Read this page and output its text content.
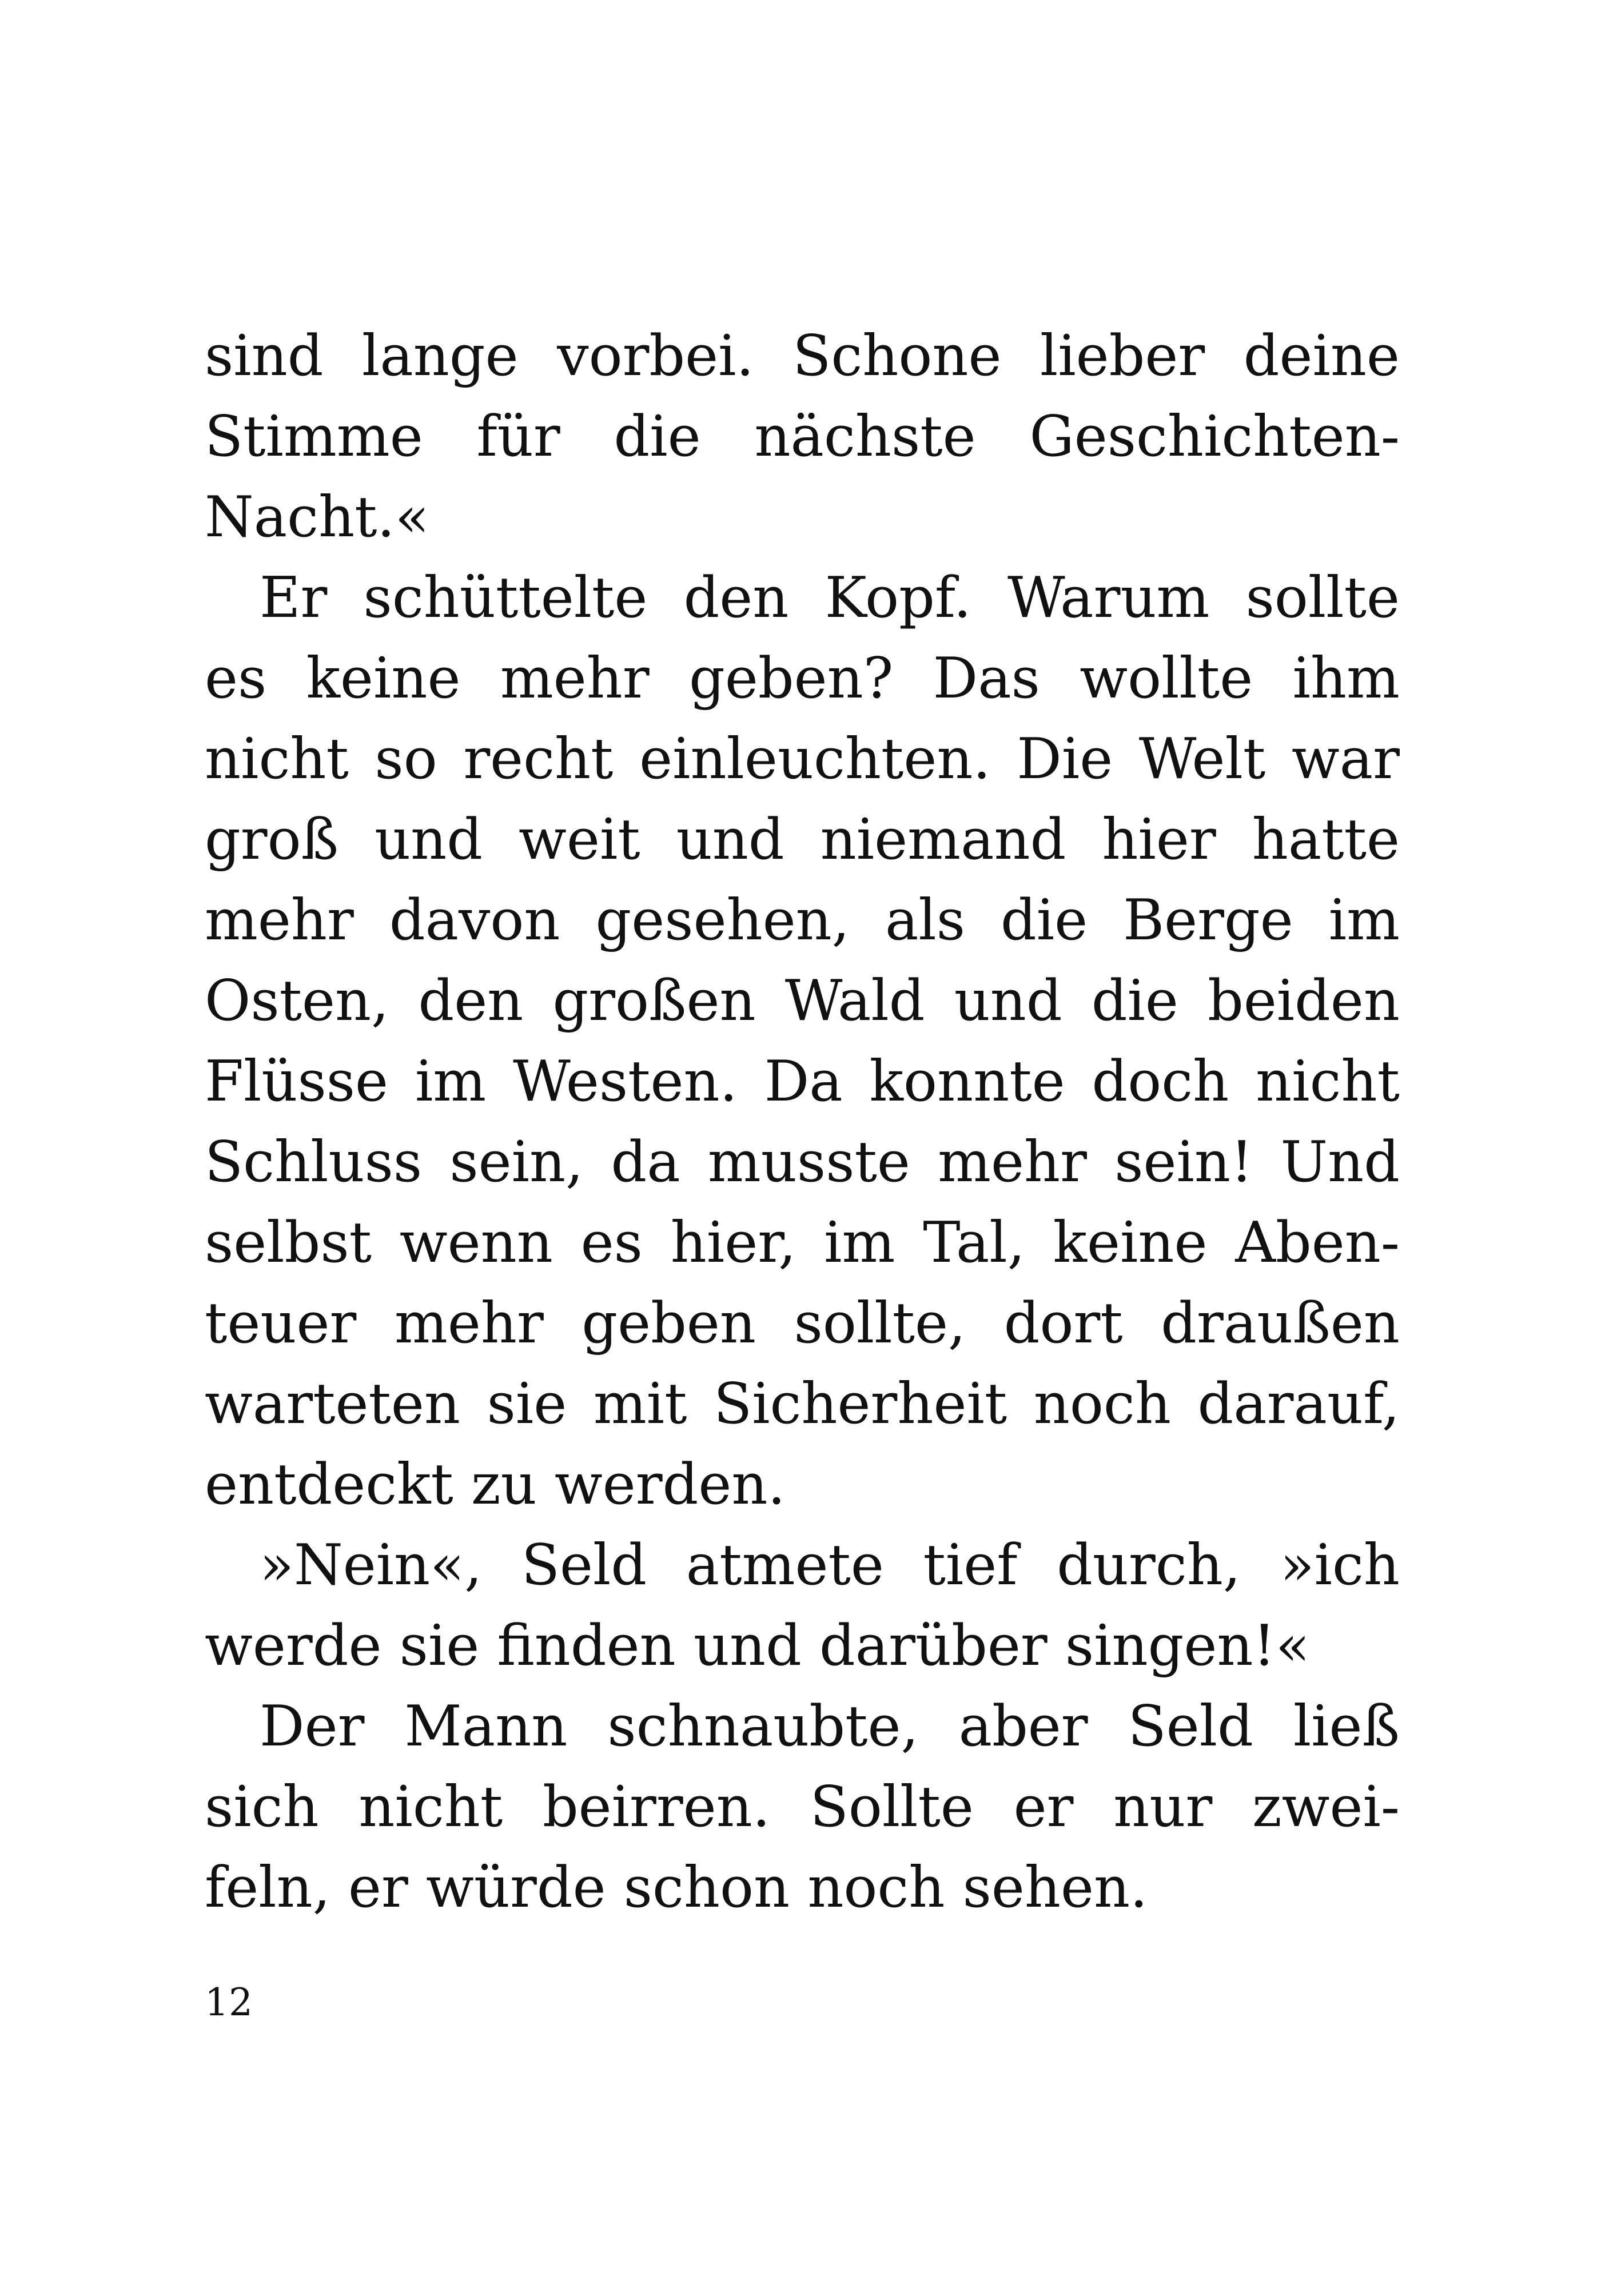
sind lange vorbei. Schone lieber deine
Stimme für die nächste Geschichten-
Nacht.«
Er schüttelte den Kopf. Warum sollte
es keine mehr geben? Das wollte ihm
nicht so recht einleuchten. Die Welt war
groß und weit und niemand hier hatte
mehr davon gesehen, als die Berge im
Osten, den großen Wald und die beiden
Flüsse im Westen. Da konnte doch nicht
Schluss sein, da musste mehr sein! Und
selbst wenn es hier, im Tal, keine Aben-
teuer mehr geben sollte, dort draußen
warteten sie mit Sicherheit noch darauf,
entdeckt zu werden.
»Nein«, Seld atmete tief durch, »ich
werde sie finden und darüber singen!«
Der Mann schnaubte, aber Seld ließ
sich nicht beirren. Sollte er nur zwei-
feln, er würde schon noch sehen.
12
